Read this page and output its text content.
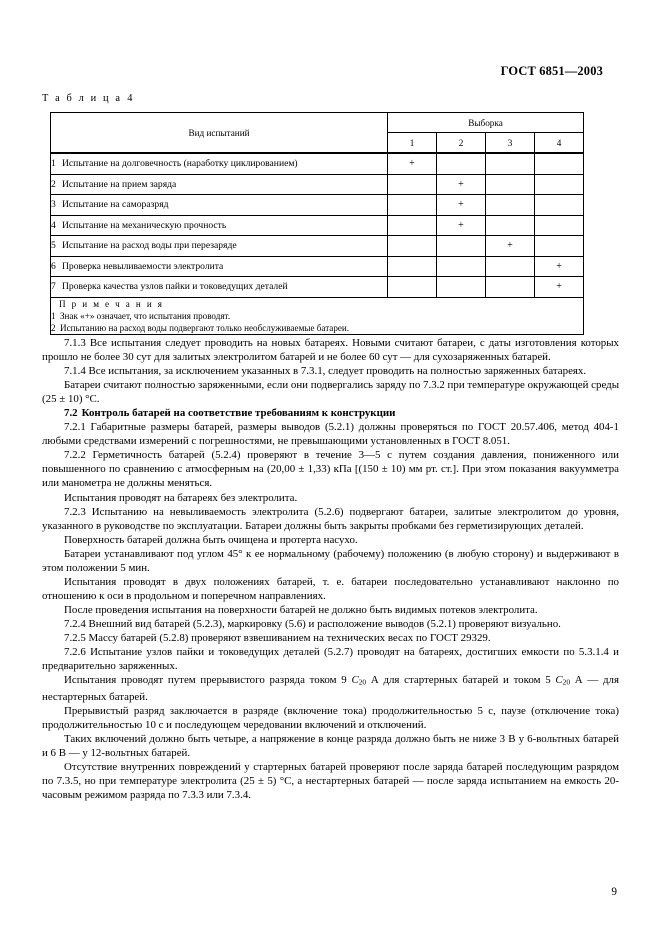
ГОСТ 6851—2003
Т а б л и ц а 4
Вид испытаний	Выборка			
	1	2	3	4
1 Испытание на долговечность (наработку циклированием)	+			
2 Испытание на прием заряда		+		
3 Испытание на саморазряд		+		
4 Испытание на механическую прочность		+		
5 Испытание на расход воды при перезаряде			+	
6 Проверка невыливаемости электролита				+
7 Проверка качества узлов пайки и токоведущих деталей				+

П р и м е ч а н и я
1 Знак «+» означает, что испытания проводят.
2 Испытанию на расход воды подвергают только необслуживаемые батареи.				

7.1.3 Все испытания следует проводить на новых батареях. Новыми считают батареи, с даты изготовления которых прошло не более 30 сут для залитых электролитом батарей и не более 60 сут — для сухозаряженных батарей.

7.1.4 Все испытания, за исключением указанных в 7.3.1, следует проводить на полностью заряженных батареях.

Батареи считают полностью заряженными, если они подвергались заряду по 7.3.2 при температуре окружающей среды (25 ± 10) °С.

7.2 Контроль батарей на соответствие требованиям к конструкции

7.2.1 Габаритные размеры батарей, размеры выводов (5.2.1) должны проверяться по ГОСТ 20.57.406, метод 404-1 любыми средствами измерений с погрешностями, не превышающими установленных в ГОСТ 8.051.

7.2.2 Герметичность батарей (5.2.4) проверяют в течение 3—5 с путем создания давления, пониженного или повышенного по сравнению с атмосферным на (20,00 ± 1,33) кПа [(150 ± 10) мм рт. ст.]. При этом показания вакуумметра или манометра не должны меняться.

Испытания проводят на батареях без электролита.

7.2.3 Испытанию на невыливаемость электролита (5.2.6) подвергают батареи, залитые электролитом до уровня, указанного в руководстве по эксплуатации. Батареи должны быть закрыты пробками без герметизирующих деталей.

Поверхность батарей должна быть очищена и протерта насухо.

Батареи устанавливают под углом 45° к ее нормальному (рабочему) положению (в любую сторону) и выдерживают в этом положении 5 мин.

Испытания проводят в двух положениях батарей, т. е. батареи последовательно устанавливают наклонно по отношению к оси в продольном и поперечном направлениях.

После проведения испытания на поверхности батарей не должно быть видимых потеков электролита.

7.2.4 Внешний вид батарей (5.2.3), маркировку (5.6) и расположение выводов (5.2.1) проверяют визуально.

7.2.5 Массу батарей (5.2.8) проверяют взвешиванием на технических весах по ГОСТ 29329.

7.2.6 Испытание узлов пайки и токоведущих деталей (5.2.7) проводят на батареях, достигших емкости по 5.3.1.4 и предварительно заряженных.

Испытания проводят путем прерывистого разряда током 9 $C_{20}$ А для стартерных батарей и током 5 $C_{20}$ А — для нестартерных батарей.

Прерывистый разряд заключается в разряде (включение тока) продолжительностью 5 с, паузе (отключение тока) продолжительностью 10 с и последующем чередовании включений и отключений.

Таких включений должно быть четыре, а напряжение в конце разряда должно быть не ниже 3 В у 6-вольтных батарей и 6 В — у 12-вольтных батарей.

Отсутствие внутренних повреждений у стартерных батарей проверяют после заряда батарей последующим разрядом по 7.3.5, но при температуре электролита (25 ± 5) °С, а нестартерных батарей — после заряда испытанием на емкость 20-часовым режимом разряда по 7.3.3 или 7.3.4.

9
